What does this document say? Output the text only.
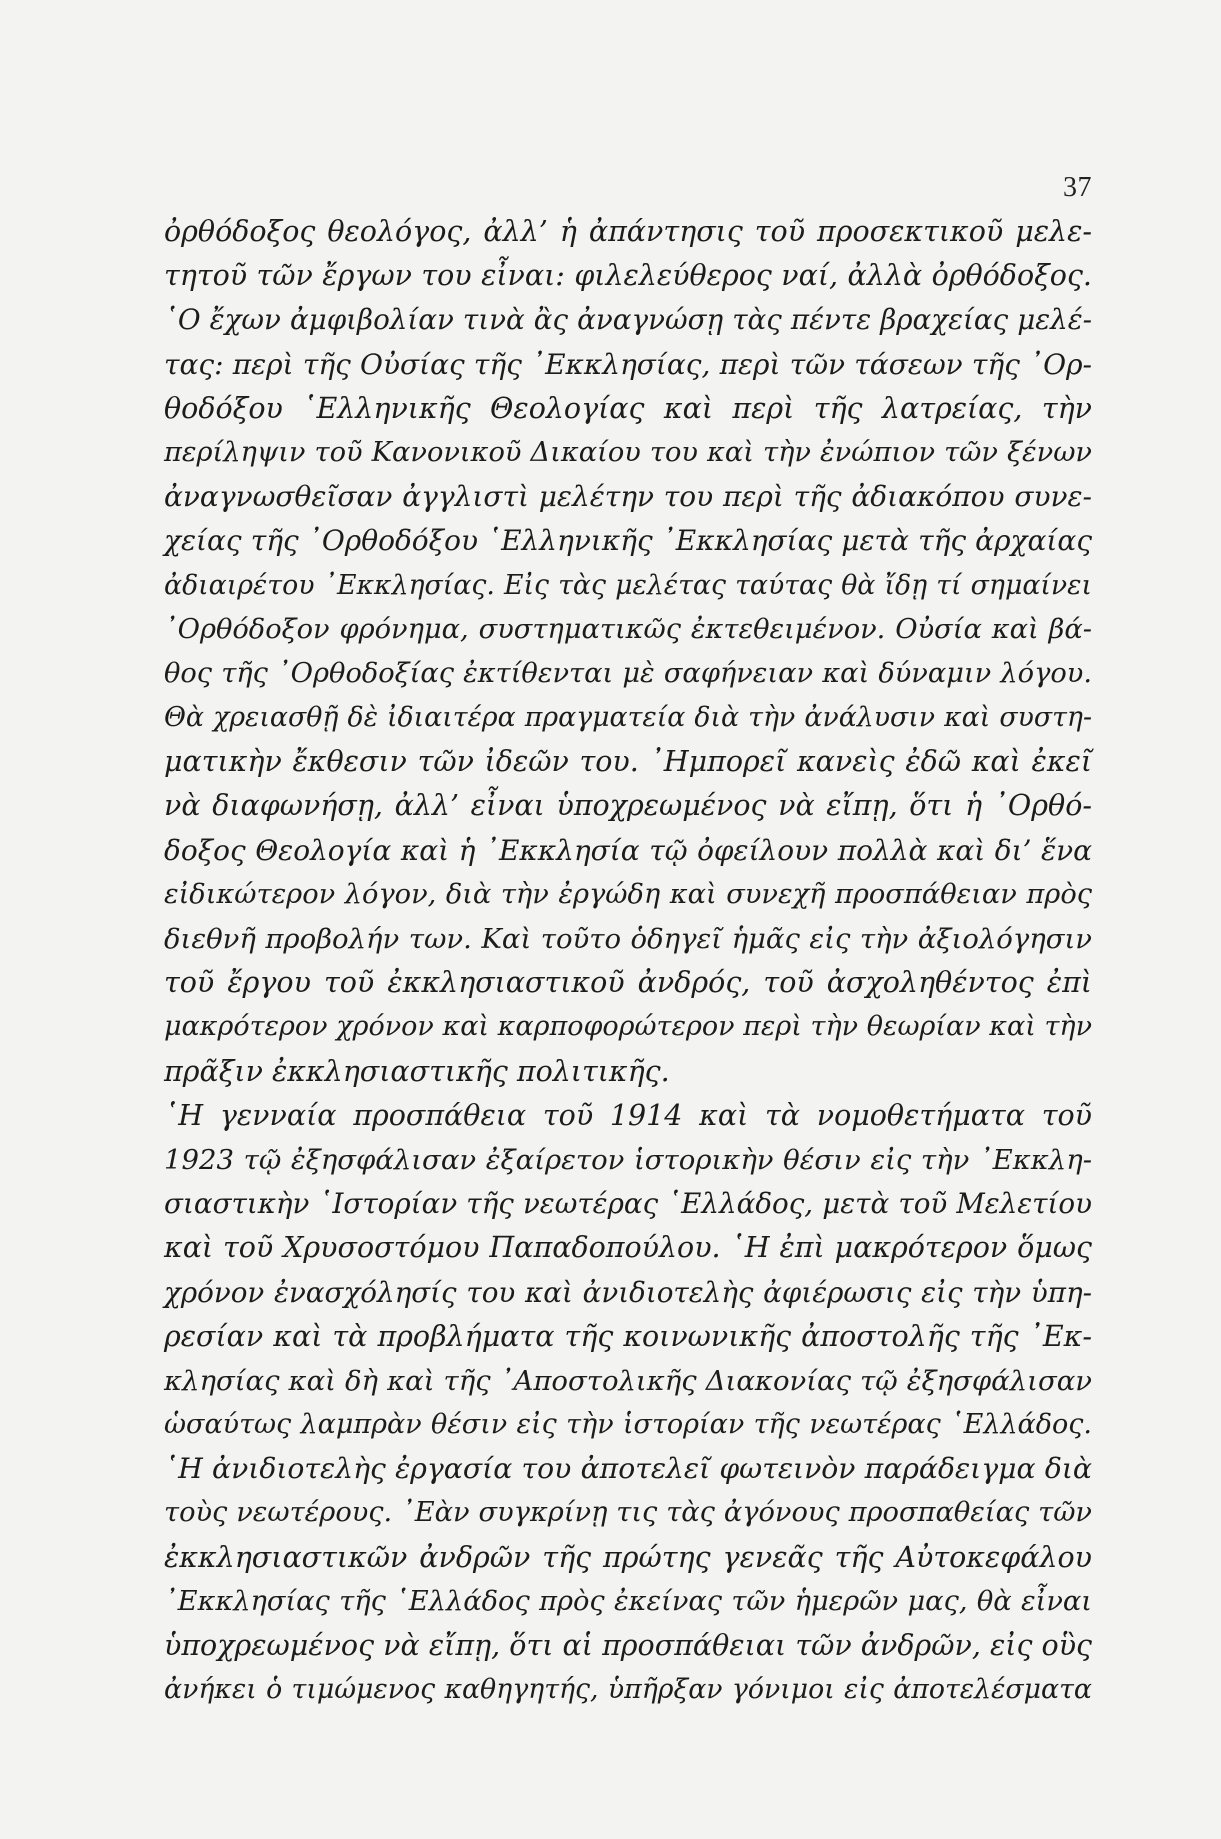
37
ὀρθόδοξος θεολόγος, ἀλλ’ ἡ ἀπάντησις τοῦ προσεκτικοῦ μελε-
τητοῦ τῶν ἔργων του εἶναι: φιλελεύθερος ναί, ἀλλὰ ὀρθόδοξος.
῾Ο ἔχων ἀμφιβολίαν τινὰ ἂς ἀναγνώσῃ τὰς πέντε βραχείας μελέ-
τας: περὶ τῆς Οὐσίας τῆς ᾿Εκκλησίας, περὶ τῶν τάσεων τῆς ᾿Ορ-
θοδόξου ῾Ελληνικῆς Θεολογίας καὶ περὶ τῆς λατρείας, τὴν
περίληψιν τοῦ Κανονικοῦ Δικαίου του καὶ τὴν ἐνώπιον τῶν ξένων
ἀναγνωσθεῖσαν ἀγγλιστὶ μελέτην του περὶ τῆς ἀδιακόπου συνε-
χείας τῆς ᾿Ορθοδόξου ῾Ελληνικῆς ᾿Εκκλησίας μετὰ τῆς ἀρχαίας
ἀδιαιρέτου ᾿Εκκλησίας. Εἰς τὰς μελέτας ταύτας θὰ ἴδῃ τί σημαίνει
᾿Ορθόδοξον φρόνημα, συστηματικῶς ἐκτεθειμένον. Οὐσία καὶ βά-
θος τῆς ᾿Ορθοδοξίας ἐκτίθενται μὲ σαφήνειαν καὶ δύναμιν λόγου.
Θὰ χρειασθῇ δὲ ἰδιαιτέρα πραγματεία διὰ τὴν ἀνάλυσιν καὶ συστη-
ματικὴν ἔκθεσιν τῶν ἰδεῶν του. ᾿Ημπορεῖ κανεὶς ἐδῶ καὶ ἐκεῖ
νὰ διαφωνήσῃ, ἀλλ’ εἶναι ὑποχρεωμένος νὰ εἴπῃ, ὅτι ἡ ᾿Ορθό-
δοξος Θεολογία καὶ ἡ ᾿Εκκλησία τῷ ὀφείλουν πολλὰ καὶ δι’ ἕνα
εἰδικώτερον λόγον, διὰ τὴν ἐργώδη καὶ συνεχῆ προσπάθειαν πρὸς
διεθνῆ προβολήν των. Καὶ τοῦτο ὁδηγεῖ ἡμᾶς εἰς τὴν ἀξιολόγησιν
τοῦ ἔργου τοῦ ἐκκλησιαστικοῦ ἀνδρός, τοῦ ἀσχοληθέντος ἐπὶ
μακρότερον χρόνον καὶ καρποφορώτερον περὶ τὴν θεωρίαν καὶ τὴν
πρᾶξιν ἐκκλησιαστικῆς πολιτικῆς.
῾Η γενναία προσπάθεια τοῦ 1914 καὶ τὰ νομοθετήματα τοῦ
1923 τῷ ἐξησφάλισαν ἐξαίρετον ἱστορικὴν θέσιν εἰς τὴν ᾿Εκκλη-
σιαστικὴν ῾Ιστορίαν τῆς νεωτέρας ῾Ελλάδος, μετὰ τοῦ Μελετίου
καὶ τοῦ Χρυσοστόμου Παπαδοπούλου. ῾Η ἐπὶ μακρότερον ὅμως
χρόνον ἐνασχόλησίς του καὶ ἀνιδιοτελὴς ἀφιέρωσις εἰς τὴν ὑπη-
ρεσίαν καὶ τὰ προβλήματα τῆς κοινωνικῆς ἀποστολῆς τῆς ᾿Εκ-
κλησίας καὶ δὴ καὶ τῆς ᾿Αποστολικῆς Διακονίας τῷ ἐξησφάλισαν
ὡσαύτως λαμπρὰν θέσιν εἰς τὴν ἱστορίαν τῆς νεωτέρας ῾Ελλάδος.
῾Η ἀνιδιοτελὴς ἐργασία του ἀποτελεῖ φωτεινὸν παράδειγμα διὰ
τοὺς νεωτέρους. ᾿Εὰν συγκρίνῃ τις τὰς ἀγόνους προσπαθείας τῶν
ἐκκλησιαστικῶν ἀνδρῶν τῆς πρώτης γενεᾶς τῆς Αὐτοκεφάλου
᾿Εκκλησίας τῆς ῾Ελλάδος πρὸς ἐκείνας τῶν ἡμερῶν μας, θὰ εἶναι
ὑποχρεωμένος νὰ εἴπῃ, ὅτι αἱ προσπάθειαι τῶν ἀνδρῶν, εἰς οὓς
ἀνήκει ὁ τιμώμενος καθηγητής, ὑπῆρξαν γόνιμοι εἰς ἀποτελέσματα
